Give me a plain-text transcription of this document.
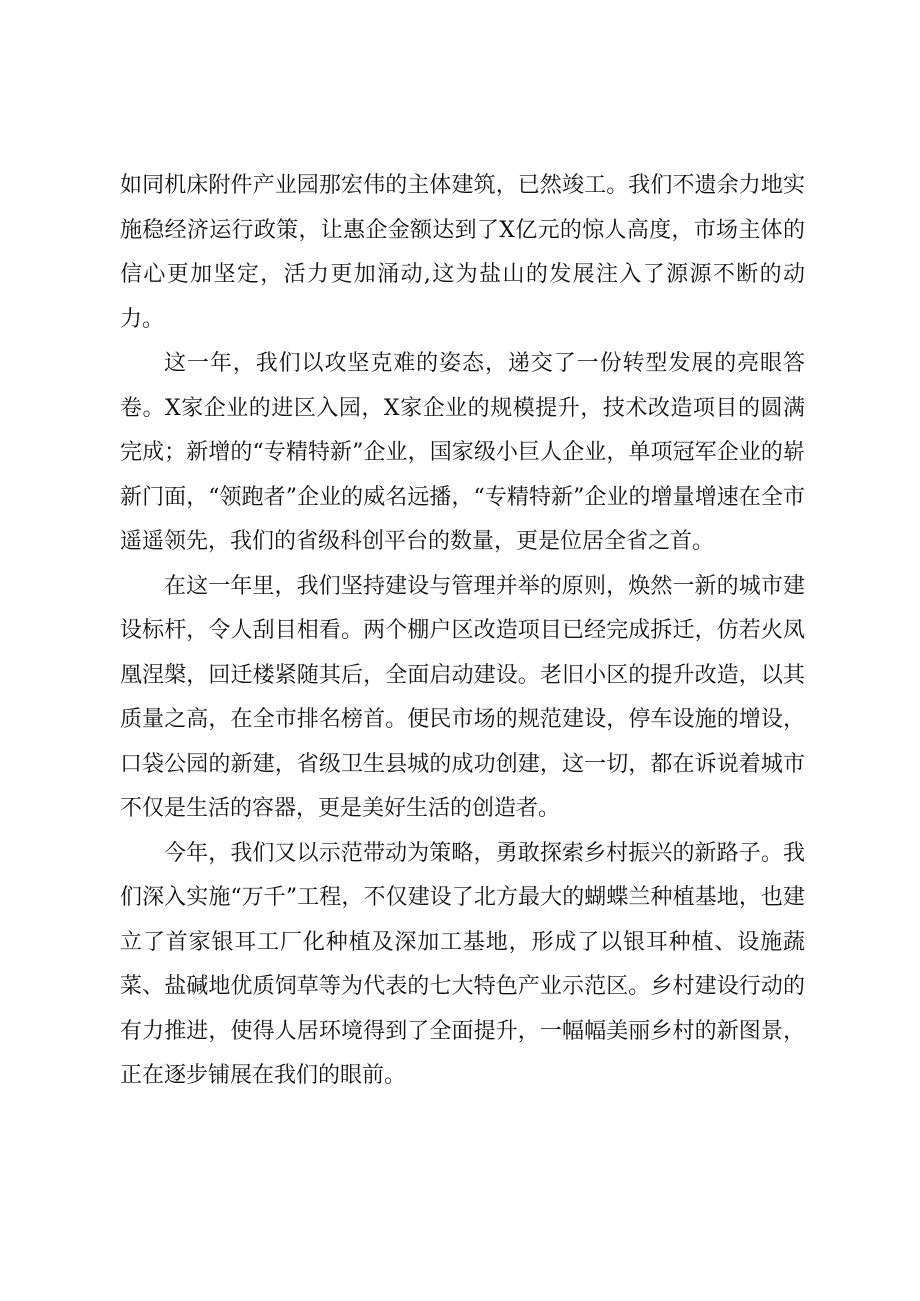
如同机床附件产业园那宏伟的主体建筑，已然竣工。我们不遗余力地实施稳经济运行政策，让惠企金额达到了X亿元的惊人高度，市场主体的信心更加坚定，活力更加涌动,这为盐山的发展注入了源源不断的动力。

这一年，我们以攻坚克难的姿态，递交了一份转型发展的亮眼答卷。X家企业的进区入园，X家企业的规模提升，技术改造项目的圆满完成；新增的“专精特新”企业，国家级小巨人企业，单项冠军企业的崭新门面，“领跑者”企业的威名远播，“专精特新”企业的增量增速在全市遥遥领先，我们的省级科创平台的数量，更是位居全省之首。

在这一年里，我们坚持建设与管理并举的原则，焕然一新的城市建设标杆，令人刮目相看。两个棚户区改造项目已经完成拆迁，仿若火凤凰涅槃，回迁楼紧随其后，全面启动建设。老旧小区的提升改造，以其质量之高，在全市排名榜首。便民市场的规范建设，停车设施的增设，口袋公园的新建，省级卫生县城的成功创建，这一切，都在诉说着城市不仅是生活的容器，更是美好生活的创造者。

今年，我们又以示范带动为策略，勇敢探索乡村振兴的新路子。我们深入实施“万千”工程，不仅建设了北方最大的蝴蝶兰种植基地，也建立了首家银耳工厂化种植及深加工基地，形成了以银耳种植、设施蔬菜、盐碱地优质饲草等为代表的七大特色产业示范区。乡村建设行动的有力推进，使得人居环境得到了全面提升，一幅幅美丽乡村的新图景，正在逐步铺展在我们的眼前。
